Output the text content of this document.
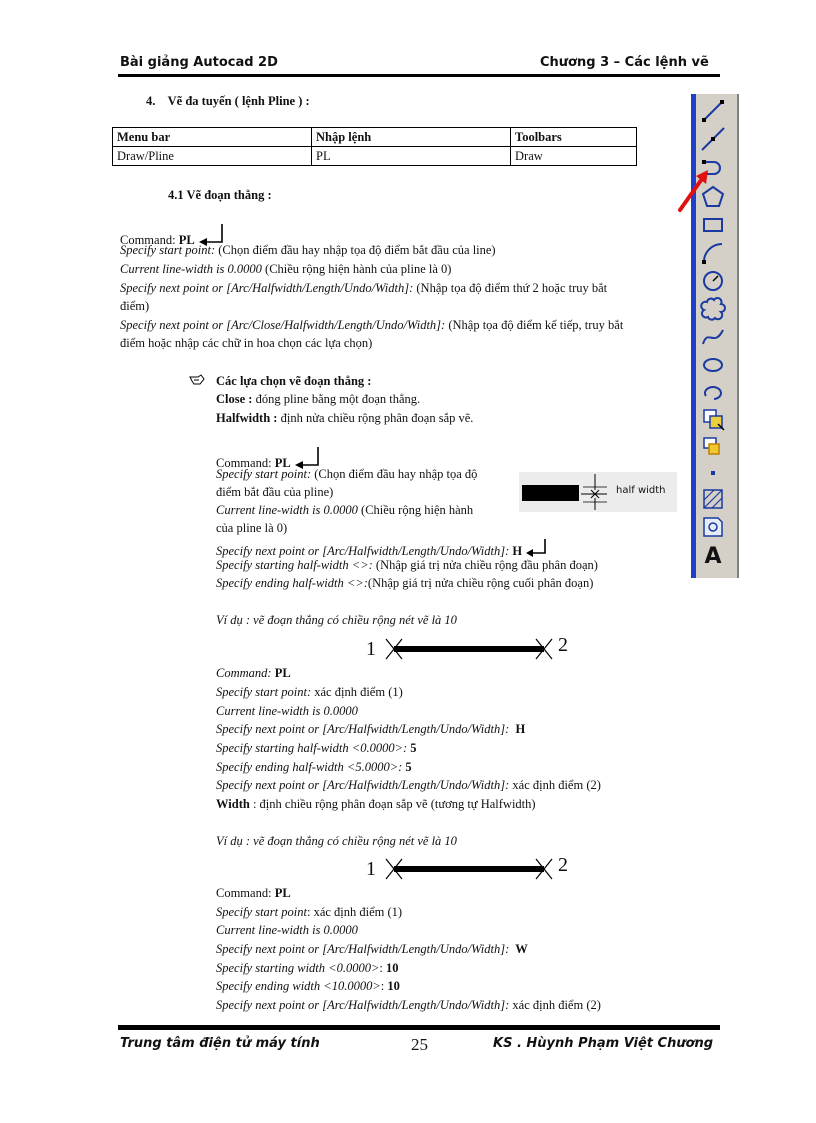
Bài giảng Autocad 2D	Chương 3 – Các lệnh vẽ
4. Vẽ đa tuyến ( lệnh Pline ) :
Menu bar	Nhập lệnh	Toolbars
Draw/Pline	PL	Draw
4.1 Vẽ đoạn thẳng :
Command: PL
Specify start point: (Chọn điểm đầu hay nhập tọa độ điểm bắt đầu của line)
Current line-width is 0.0000 (Chiều rộng hiện hành của pline là 0)
Specify next point or [Arc/Halfwidth/Length/Undo/Width]: (Nhập tọa độ điểm thứ 2 hoặc truy bắt
điểm)
Specify next point or [Arc/Close/Halfwidth/Length/Undo/Width]: (Nhập tọa độ điểm kế tiếp, truy bắt
điểm hoặc nhập các chữ in hoa chọn các lựa chọn)
Các lựa chọn vẽ đoạn thẳng :
Close : đóng pline bằng một đoạn thẳng.
Halfwidth : định nửa chiều rộng phân đoạn sắp vẽ.
Command: PL
Specify start point: (Chọn điểm đầu hay nhập tọa độ
điểm bắt đầu của pline)
Current line-width is 0.0000 (Chiều rộng hiện hành
của pline là 0)
Specify next point or [Arc/Halfwidth/Length/Undo/Width]: H
Specify starting half-width <>: (Nhập giá trị nửa chiều rộng đầu phân đoạn)
Specify ending half-width <>:(Nhập giá trị nửa chiều rộng cuối phân đoạn)
half width
Ví dụ : vẽ đoạn thẳng có chiều rộng nét vẽ là 10
1	2
Command: PL
Specify start point: xác định điểm (1)
Current line-width is 0.0000
Specify next point or [Arc/Halfwidth/Length/Undo/Width]:  H
Specify starting half-width <0.0000>: 5
Specify ending half-width <5.0000>: 5
Specify next point or [Arc/Halfwidth/Length/Undo/Width]: xác định điểm (2)
Width : định chiều rộng phân đoạn sắp vẽ (tương tự Halfwidth)
Ví dụ : vẽ đoạn thẳng có chiều rộng nét vẽ là 10
1	2
Command: PL
Specify start point: xác định điểm (1)
Current line-width is 0.0000
Specify next point or [Arc/Halfwidth/Length/Undo/Width]:  W
Specify starting width <0.0000>: 10
Specify ending width <10.0000>: 10
Specify next point or [Arc/Halfwidth/Length/Undo/Width]: xác định điểm (2)
Trung tâm điện tử máy tính	25	KS . Hùynh Phạm Việt Chương
A
